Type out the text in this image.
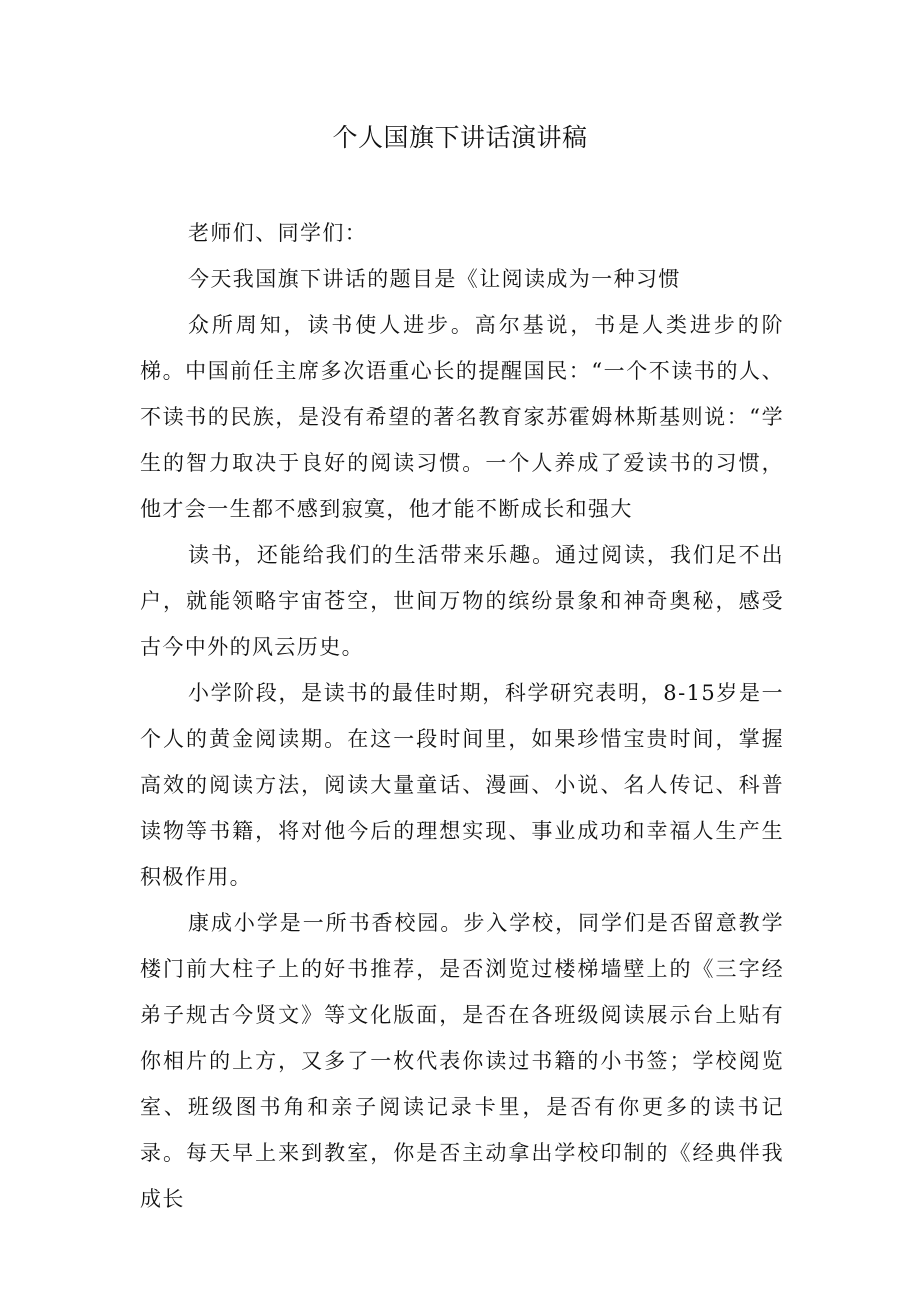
个人国旗下讲话演讲稿

老师们、同学们：

今天我国旗下讲话的题目是《让阅读成为一种习惯

众所周知，读书使人进步。高尔基说，书是人类进步的阶梯。中国前任主席多次语重心长的提醒国民：“一个不读书的人、不读书的民族，是没有希望的著名教育家苏霍姆林斯基则说：“学生的智力取决于良好的阅读习惯。一个人养成了爱读书的习惯，他才会一生都不感到寂寞，他才能不断成长和强大

读书，还能给我们的生活带来乐趣。通过阅读，我们足不出户，就能领略宇宙苍空，世间万物的缤纷景象和神奇奥秘，感受古今中外的风云历史。

小学阶段，是读书的最佳时期，科学研究表明，8-15岁是一个人的黄金阅读期。在这一段时间里，如果珍惜宝贵时间，掌握高效的阅读方法，阅读大量童话、漫画、小说、名人传记、科普读物等书籍，将对他今后的理想实现、事业成功和幸福人生产生积极作用。

康成小学是一所书香校园。步入学校，同学们是否留意教学楼门前大柱子上的好书推荐，是否浏览过楼梯墙壁上的《三字经弟子规古今贤文》等文化版面，是否在各班级阅读展示台上贴有你相片的上方，又多了一枚代表你读过书籍的小书签；学校阅览室、班级图书角和亲子阅读记录卡里，是否有你更多的读书记录。每天早上来到教室，你是否主动拿出学校印制的《经典伴我成长
